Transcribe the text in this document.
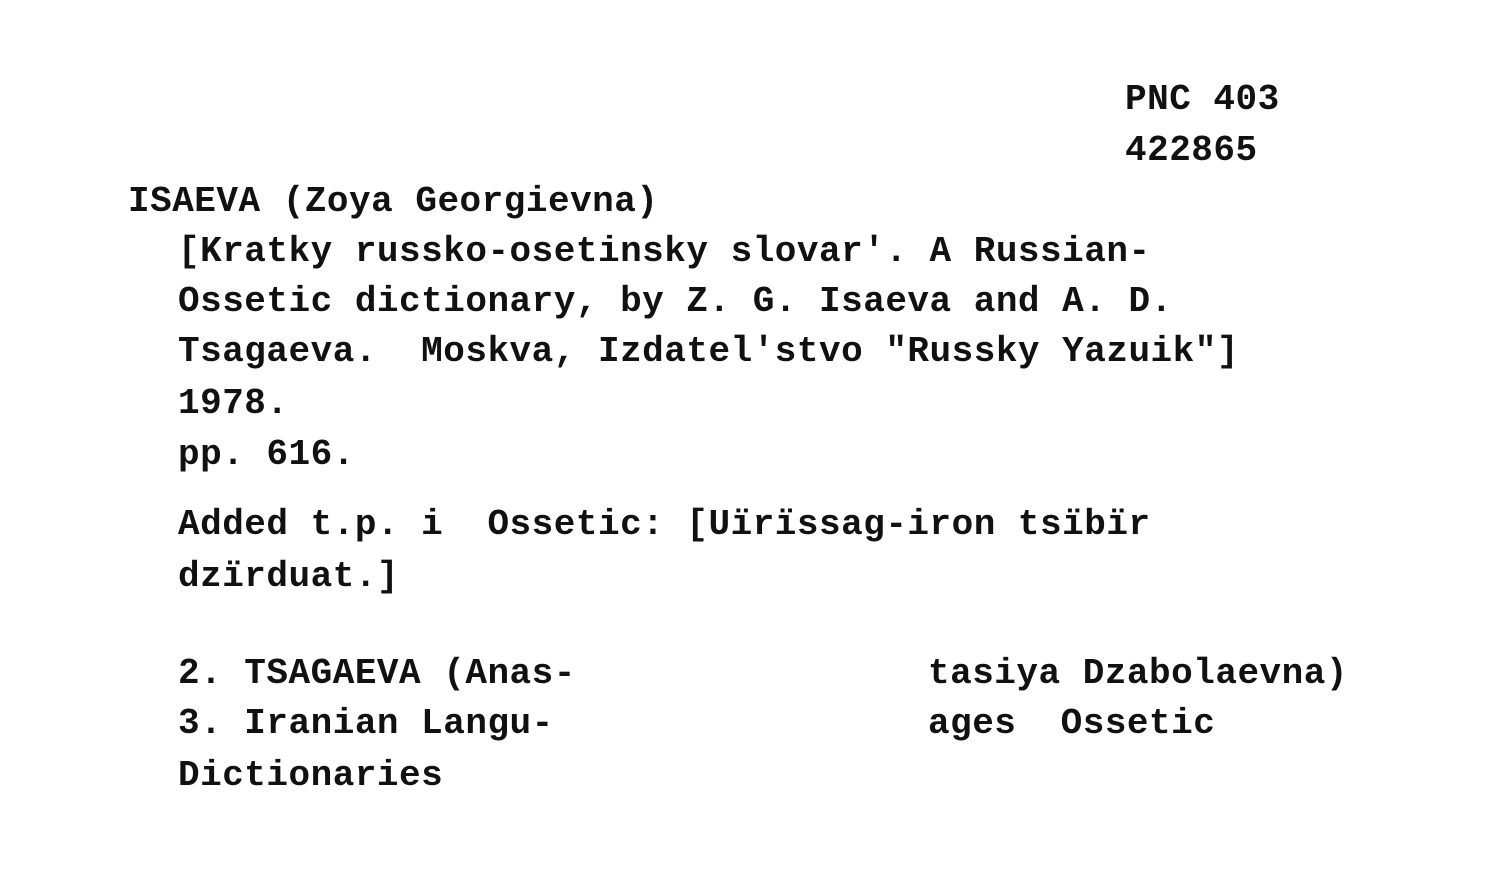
PNC 403
422865
ISAEVA (Zoya Georgievna)
[Kratky russko-osetinsky slovar'. A Russian-
Ossetic dictionary, by Z. G. Isaeva and A. D.
Tsagaeva.  Moskva, Izdatel'stvo "Russky Yazuik"]
1978.
pp. 616.
Added t.p. i  Ossetic: [Uïrïssag-iron tsïbïr
dzïrduat.]
2. TSAGAEVA (Anas-
3. Iranian Langu-
Dictionaries
tasiya Dzabolaevna)
ages  Ossetic
